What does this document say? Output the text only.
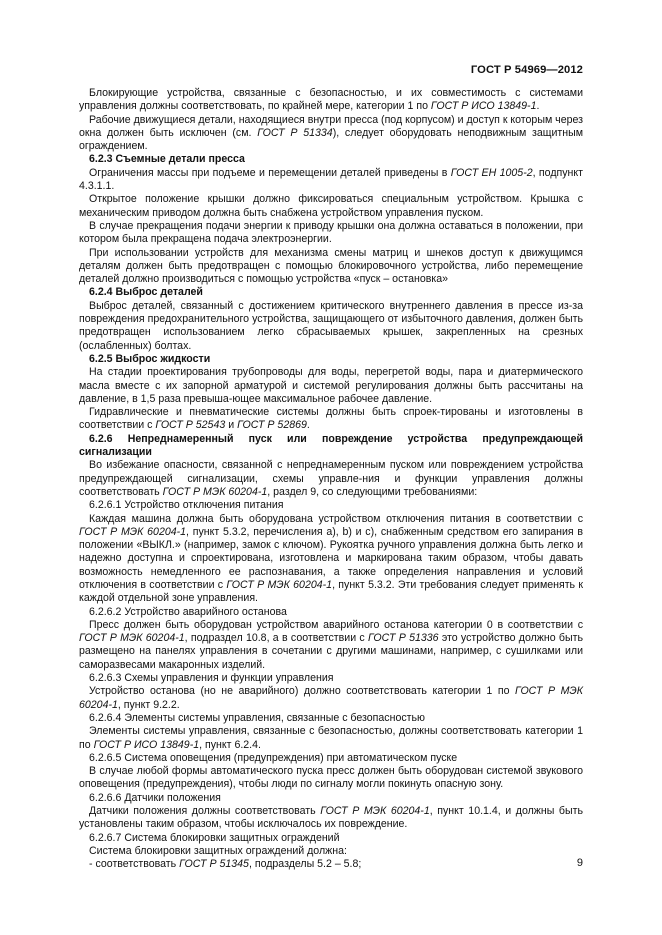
ГОСТ Р 54969—2012

Блокирующие устройства, связанные с безопасностью, и их совместимость с системами управления должны соответствовать, по крайней мере, категории 1 по ГОСТ Р ИСО 13849-1.

Рабочие движущиеся детали, находящиеся внутри пресса (под корпусом) и доступ к которым через окна должен быть исключен (см. ГОСТ Р 51334), следует оборудовать неподвижным защитным ограждением.

6.2.3 Съемные детали пресса

Ограничения массы при подъеме и перемещении деталей приведены в ГОСТ ЕН 1005-2, подпункт 4.3.1.1.

Открытое положение крышки должно фиксироваться специальным устройством. Крышка с механическим приводом должна быть снабжена устройством управления пуском.

В случае прекращения подачи энергии к приводу крышки она должна оставаться в положении, при котором была прекращена подача электроэнергии.

При использовании устройств для механизма смены матриц и шнеков доступ к движущимся деталям должен быть предотвращен с помощью блокировочного устройства, либо перемещение деталей должно производиться с помощью устройства «пуск – остановка»

6.2.4 Выброс деталей

Выброс деталей, связанный с достижением критического внутреннего давления в прессе из-за повреждения предохранительного устройства, защищающего от избыточного давления, должен быть предотвращен использованием легко сбрасываемых крышек, закрепленных на срезных (ослабленных) болтах.

6.2.5 Выброс жидкости

На стадии проектирования трубопроводы для воды, перегретой воды, пара и диатермического масла вместе с их запорной арматурой и системой регулирования должны быть рассчитаны на давление, в 1,5 раза превыша-ющее максимальное рабочее давление.

Гидравлические и пневматические системы должны быть спроек-тированы и изготовлены в соответствии с ГОСТ Р 52543 и ГОСТ Р 52869.

6.2.6 Непреднамеренный пуск или повреждение устройства предупреждающей сигнализации

Во избежание опасности, связанной с непреднамеренным пуском или повреждением устройства предупреждающей сигнализации, схемы управле-ния и функции управления должны соответствовать ГОСТ Р МЭК 60204-1, раздел 9, со следующими требованиями:

6.2.6.1 Устройство отключения питания

Каждая машина должна быть оборудована устройством отключения питания в соответствии с ГОСТ Р МЭК 60204-1, пункт 5.3.2, перечисления a), b) и c), снабженным средством его запирания в положении «ВЫКЛ.» (например, замок с ключом). Рукоятка ручного управления должна быть легко и надежно доступна и спроектирована, изготовлена и маркирована таким образом, чтобы давать возможность немедленного ее распознавания, а также определения направления и условий отключения в соответствии с ГОСТ Р МЭК 60204-1, пункт 5.3.2. Эти требования следует применять к каждой отдельной зоне управления.

6.2.6.2 Устройство аварийного останова

Пресс должен быть оборудован устройством аварийного останова категории 0 в соответствии с ГОСТ Р МЭК 60204-1, подраздел 10.8, а в соответствии с ГОСТ Р 51336 это устройство должно быть размещено на панелях управления в сочетании с другими машинами, например, с сушилками или саморазвесами макаронных изделий.

6.2.6.3 Схемы управления и функции управления

Устройство останова (но не аварийного) должно соответствовать категории 1 по ГОСТ Р МЭК 60204-1, пункт 9.2.2.

6.2.6.4 Элементы системы управления, связанные с безопасностью

Элементы системы управления, связанные с безопасностью, должны соответствовать категории 1 по ГОСТ Р ИСО 13849-1, пункт 6.2.4.

6.2.6.5 Система оповещения (предупреждения) при автоматическом пуске

В случае любой формы автоматического пуска пресс должен быть оборудован системой звукового оповещения (предупреждения), чтобы люди по сигналу могли покинуть опасную зону.

6.2.6.6 Датчики положения

Датчики положения должны соответствовать ГОСТ Р МЭК 60204-1, пункт 10.1.4, и должны быть установлены таким образом, чтобы исключалось их повреждение.

6.2.6.7 Система блокировки защитных ограждений

Система блокировки защитных ограждений должна:

- соответствовать ГОСТ Р 51345, подразделы 5.2 – 5.8;	9
